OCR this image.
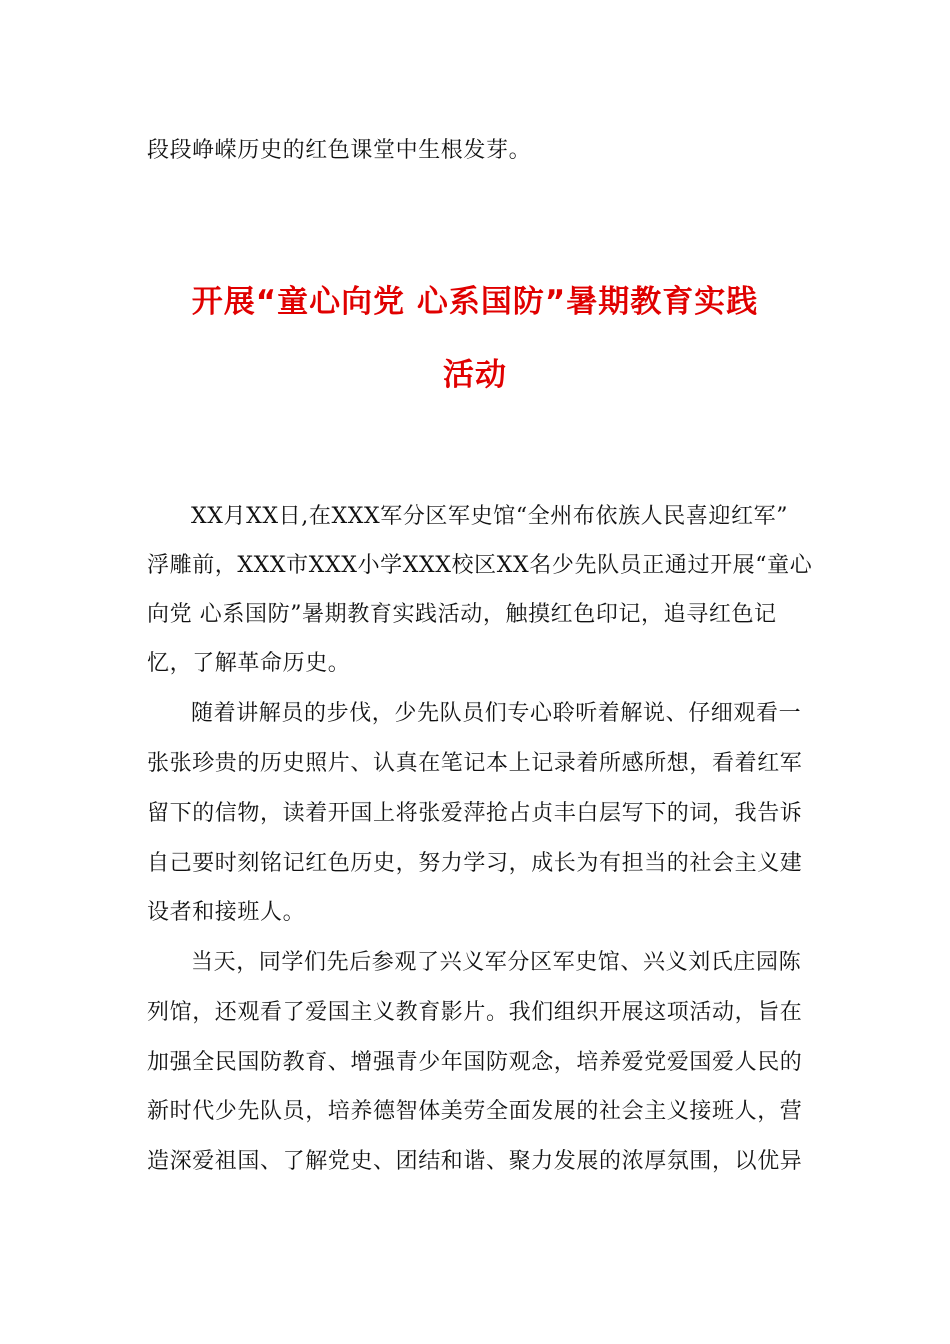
段段峥嵘历史的红色课堂中生根发芽。
开展“童心向党 心系国防”暑期教育实践
活动
XX月XX日,在XXX军分区军史馆“全州布依族人民喜迎红军”
浮雕前，XXX市XXX小学XXX校区XX名少先队员正通过开展“童心
向党 心系国防”暑期教育实践活动，触摸红色印记，追寻红色记
忆，了解革命历史。
随着讲解员的步伐，少先队员们专心聆听着解说、仔细观看一
张张珍贵的历史照片、认真在笔记本上记录着所感所想，看着红军
留下的信物，读着开国上将张爱萍抢占贞丰白层写下的词，我告诉
自己要时刻铭记红色历史，努力学习，成长为有担当的社会主义建
设者和接班人。
当天，同学们先后参观了兴义军分区军史馆、兴义刘氏庄园陈
列馆，还观看了爱国主义教育影片。我们组织开展这项活动，旨在
加强全民国防教育、增强青少年国防观念，培养爱党爱国爱人民的
新时代少先队员，培养德智体美劳全面发展的社会主义接班人，营
造深爱祖国、了解党史、团结和谐、聚力发展的浓厚氛围，以优异
